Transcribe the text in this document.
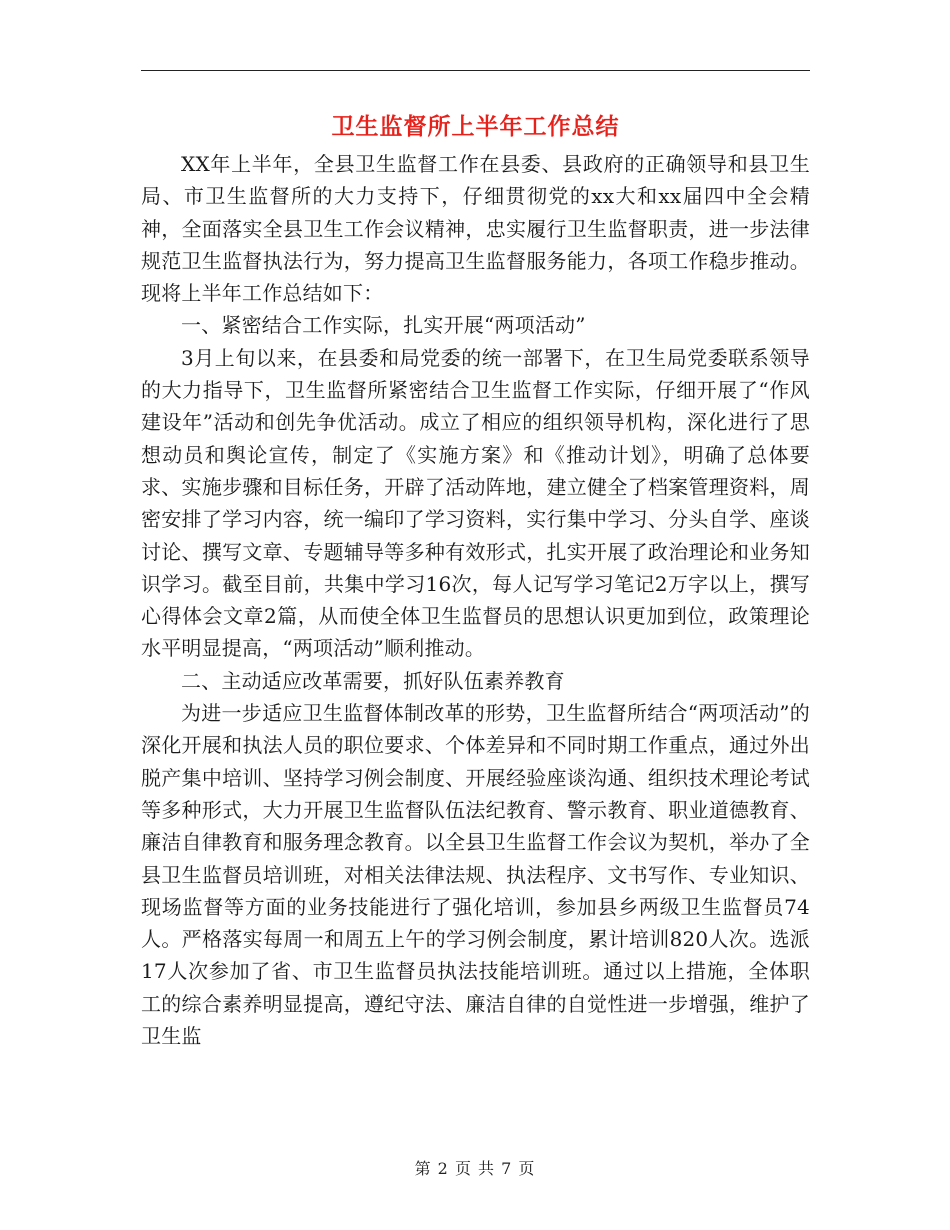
卫生监督所上半年工作总结

XX年上半年，全县卫生监督工作在县委、县政府的正确领导和县卫生局、市卫生监督所的大力支持下，仔细贯彻党的xx大和xx届四中全会精神，全面落实全县卫生工作会议精神，忠实履行卫生监督职责，进一步法律规范卫生监督执法行为，努力提高卫生监督服务能力，各项工作稳步推动。现将上半年工作总结如下：

一、紧密结合工作实际，扎实开展“两项活动”

3月上旬以来，在县委和局党委的统一部署下，在卫生局党委联系领导的大力指导下，卫生监督所紧密结合卫生监督工作实际，仔细开展了“作风建设年”活动和创先争优活动。成立了相应的组织领导机构，深化进行了思想动员和舆论宣传，制定了《实施方案》和《推动计划》，明确了总体要求、实施步骤和目标任务，开辟了活动阵地，建立健全了档案管理资料，周密安排了学习内容，统一编印了学习资料，实行集中学习、分头自学、座谈讨论、撰写文章、专题辅导等多种有效形式，扎实开展了政治理论和业务知识学习。截至目前，共集中学习16次，每人记写学习笔记2万字以上，撰写心得体会文章2篇，从而使全体卫生监督员的思想认识更加到位，政策理论水平明显提高，“两项活动”顺利推动。

二、主动适应改革需要，抓好队伍素养教育

为进一步适应卫生监督体制改革的形势，卫生监督所结合“两项活动”的深化开展和执法人员的职位要求、个体差异和不同时期工作重点，通过外出脱产集中培训、坚持学习例会制度、开展经验座谈沟通、组织技术理论考试等多种形式，大力开展卫生监督队伍法纪教育、警示教育、职业道德教育、廉洁自律教育和服务理念教育。以全县卫生监督工作会议为契机，举办了全县卫生监督员培训班，对相关法律法规、执法程序、文书写作、专业知识、现场监督等方面的业务技能进行了强化培训，参加县乡两级卫生监督员74人。严格落实每周一和周五上午的学习例会制度，累计培训820人次。选派17人次参加了省、市卫生监督员执法技能培训班。通过以上措施，全体职工的综合素养明显提高，遵纪守法、廉洁自律的自觉性进一步增强，维护了卫生监

第 2 页 共 7 页
